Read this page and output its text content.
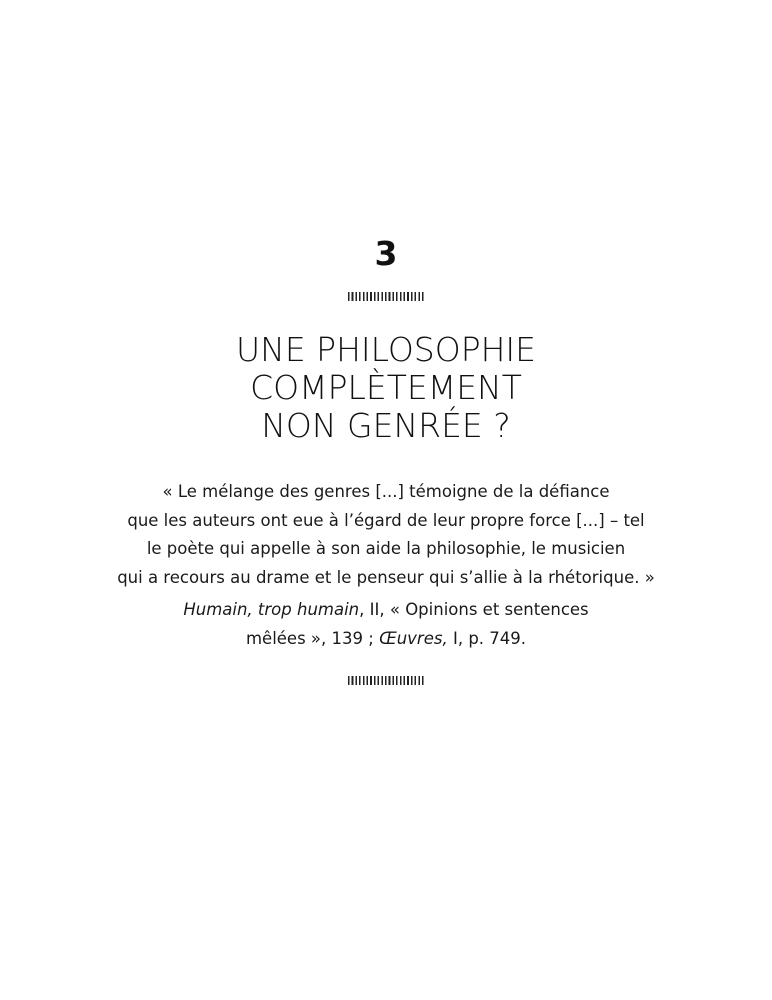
3
UNE PHILOSOPHIE
COMPLÈTEMENT
NON GENRÉE ?
« Le mélange des genres [...] témoigne de la défiance
que les auteurs ont eue à l’égard de leur propre force [...] – tel
le poète qui appelle à son aide la philosophie, le musicien
qui a recours au drame et le penseur qui s’allie à la rhétorique. »
Humain, trop humain, II, « Opinions et sentences
mêlées », 139 ; Œuvres, I, p. 749.
